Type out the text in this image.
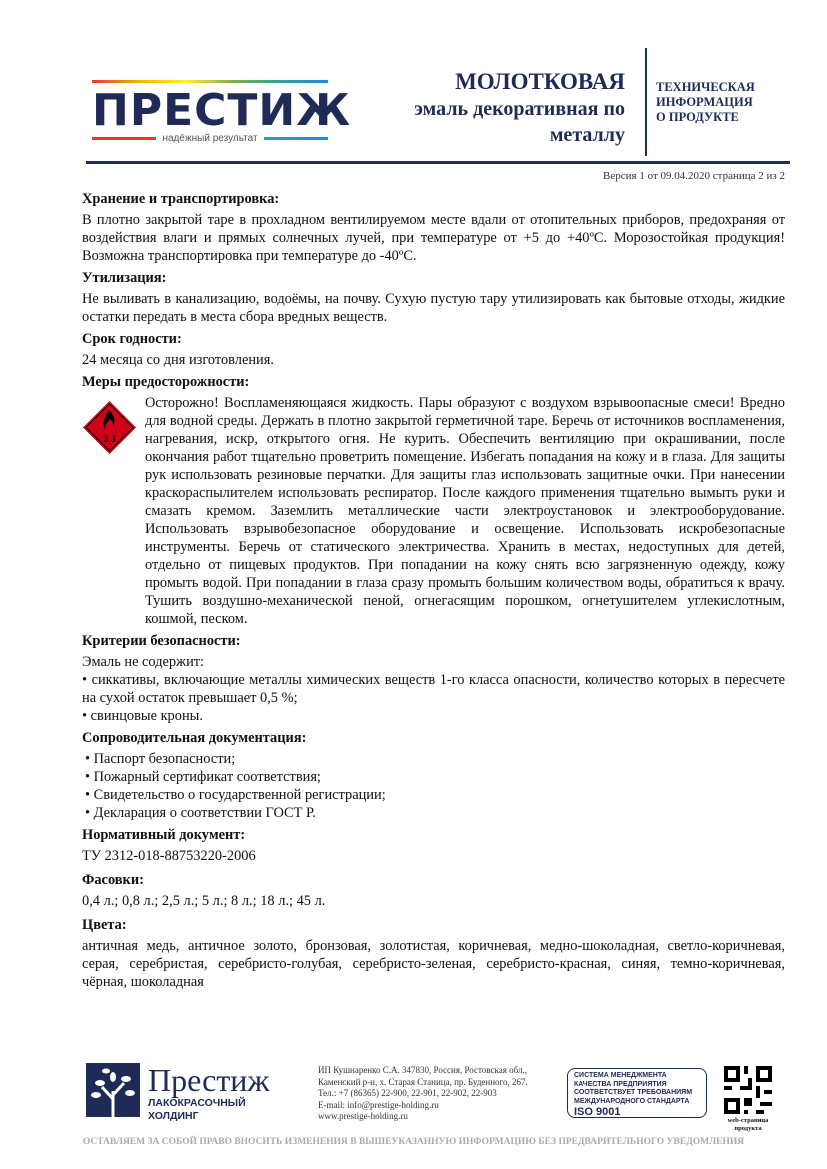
ПРЕСТИЖ
надёжный результат
МОЛОТКОВАЯ
эмаль декоративная по
металлу
ТЕХНИЧЕСКАЯ
ИНФОРМАЦИЯ
О ПРОДУКТЕ
Версия 1 от 09.04.2020 страница 2 из 2
Хранение и транспортировка:

В плотно закрытой таре в прохладном вентилируемом месте вдали от отопительных приборов, предохраняя от воздействия влаги и прямых солнечных лучей, при температуре от +5 до +40ºС. Морозостойкая продукция! Возможна транспортировка при температуре до -40ºС.

Утилизация:

Не выливать в канализацию, водоёмы, на почву. Сухую пустую тару утилизировать как бытовые отходы, жидкие остатки передать в места сбора вредных веществ.

Срок годности:

24 месяца со дня изготовления.

Меры предосторожности:
3.3

Осторожно! Воспламеняющаяся жидкость. Пары образуют с воздухом взрывоопасные смеси! Вредно для водной среды. Держать в плотно закрытой герметичной таре. Беречь от источников воспламенения, нагревания, искр, открытого огня. Не курить. Обеспечить вентиляцию при окрашивании, после окончания работ тщательно проветрить помещение. Избегать попадания на кожу и в глаза. Для защиты рук использовать резиновые перчатки. Для защиты глаз использовать защитные очки. При нанесении краскораспылителем использовать респиратор. После каждого применения тщательно вымыть руки и смазать кремом. Заземлить металлические части электроустановок и электрооборудование. Использовать взрывобезопасное оборудование и освещение. Использовать искробезопасные инструменты. Беречь от статического электричества. Хранить в местах, недоступных для детей, отдельно от пищевых продуктов. При попадании на кожу снять всю загрязненную одежду, кожу промыть водой. При попадании в глаза сразу промыть большим количеством воды, обратиться к врачу. Тушить воздушно-механической пеной, огнегасящим порошком, огнетушителем углекислотным, кошмой, песком.

Критерии безопасности:

Эмаль не содержит:

• сиккативы, включающие металлы химических веществ 1-го класса опасности, количество которых в пересчете на сухой остаток превышает 0,5 %;
• свинцовые кроны.
Сопроводительная документация:
• Паспорт безопасности;
• Пожарный сертификат соответствия;
• Свидетельство о государственной регистрации;
• Декларация о соответствии ГОСТ Р.
Нормативный документ:

ТУ 2312-018-88753220-2006

Фасовки:

0,4 л.; 0,8 л.; 2,5 л.; 5 л.; 8 л.; 18 л.; 45 л.

Цвета:

античная медь, античное золото, бронзовая, золотистая, коричневая, медно-шоколадная, светло-коричневая, серая, серебристая, серебристо-голубая, серебристо-зеленая, серебристо-красная, синяя, темно-коричневая, чёрная, шоколадная

Престиж
ЛАКОКРАСОЧНЫЙ
ХОЛДИНГ
ИП Кушнаренко С.А. 347830, Россия, Ростовская обл.,
Каменский р-н, х. Старая Станица, пр. Буденного, 267.
Тел.: +7 (86365) 22-900, 22-901, 22-902, 22-903
E-mail: info@prestige-holding.ru
www.prestige-holding.ru
СИСТЕМА МЕНЕДЖМЕНТА
КАЧЕСТВА ПРЕДПРИЯТИЯ
СООТВЕТСТВУЕТ ТРЕБОВАНИЯМ
МЕЖДУНАРОДНОГО СТАНДАРТА
ISO 9001
web-страница продукта
ОСТАВЛЯЕМ ЗА СОБОЙ ПРАВО ВНОСИТЬ ИЗМЕНЕНИЯ В ВЫШЕУКАЗАННУЮ ИНФОРМАЦИЮ БЕЗ ПРЕДВАРИТЕЛЬНОГО УВЕДОМЛЕНИЯ
